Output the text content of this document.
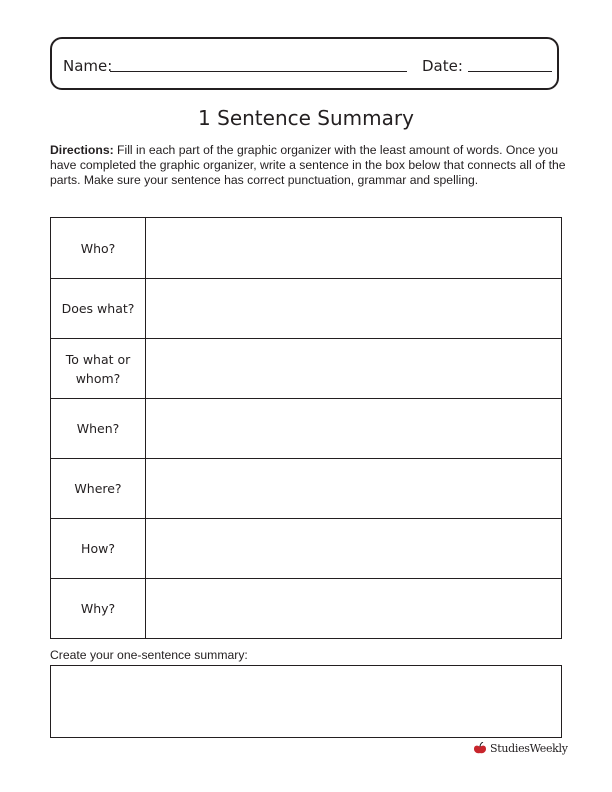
Name:	Date:
1 Sentence Summary
Directions: Fill in each part of the graphic organizer with the least amount of words. Once you have completed the graphic organizer, write a sentence in the box below that connects all of the parts. Make sure your sentence has correct punctuation, grammar and spelling.
Who?
Does what?
To what or whom?
When?
Where?
How?
Why?
Create your one-sentence summary:
StudiesWeekly
